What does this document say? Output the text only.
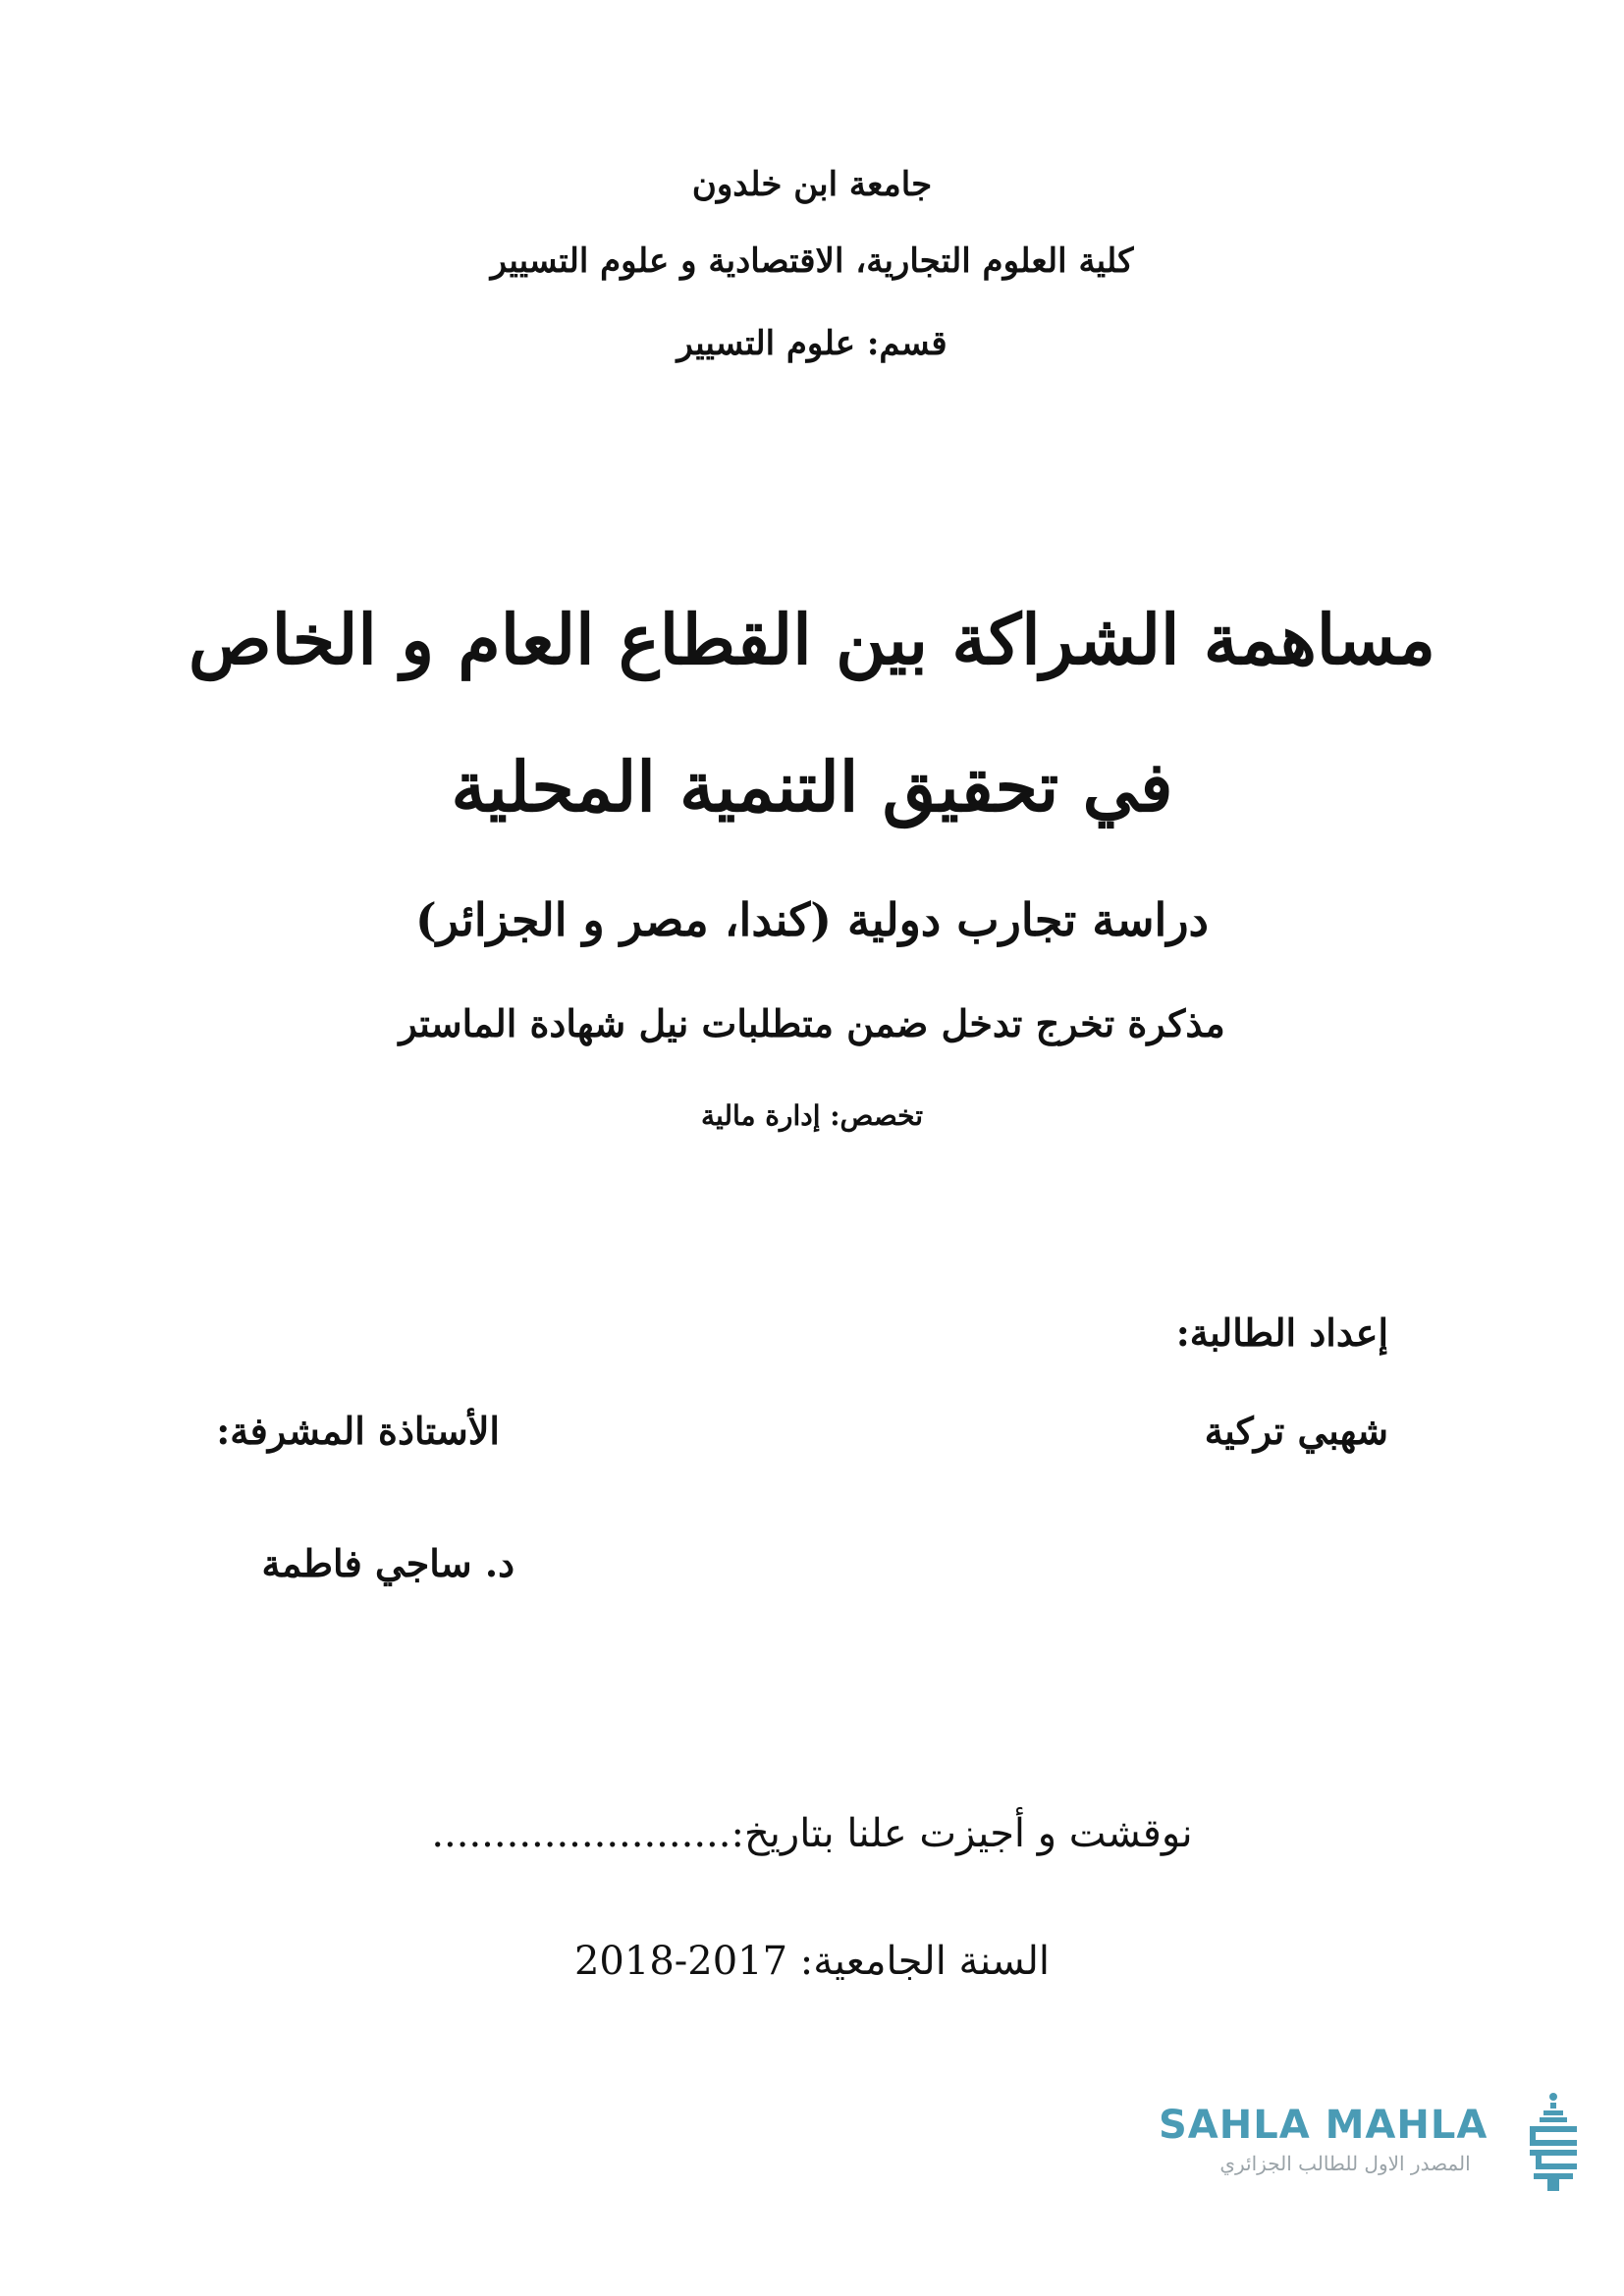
جامعة ابن خلدون
كلية العلوم التجارية، الاقتصادية و علوم التسيير
قسم: علوم التسيير
مساهمة الشراكة بين القطاع العام و الخاص
في تحقيق التنمية المحلية
دراسة تجارب دولية (كندا، مصر و الجزائر)
مذكرة تخرج تدخل ضمن متطلبات نيل شهادة الماستر
تخصص: إدارة مالية
إعداد الطالبة:
شهبي تركية
الأستاذة المشرفة:
د. ساجي فاطمة
نوقشت و أجيزت علنا بتاريخ:........................
السنة الجامعية: 2017-2018
SAHLA MAHLA
المصدر الاول للطالب الجزائري
